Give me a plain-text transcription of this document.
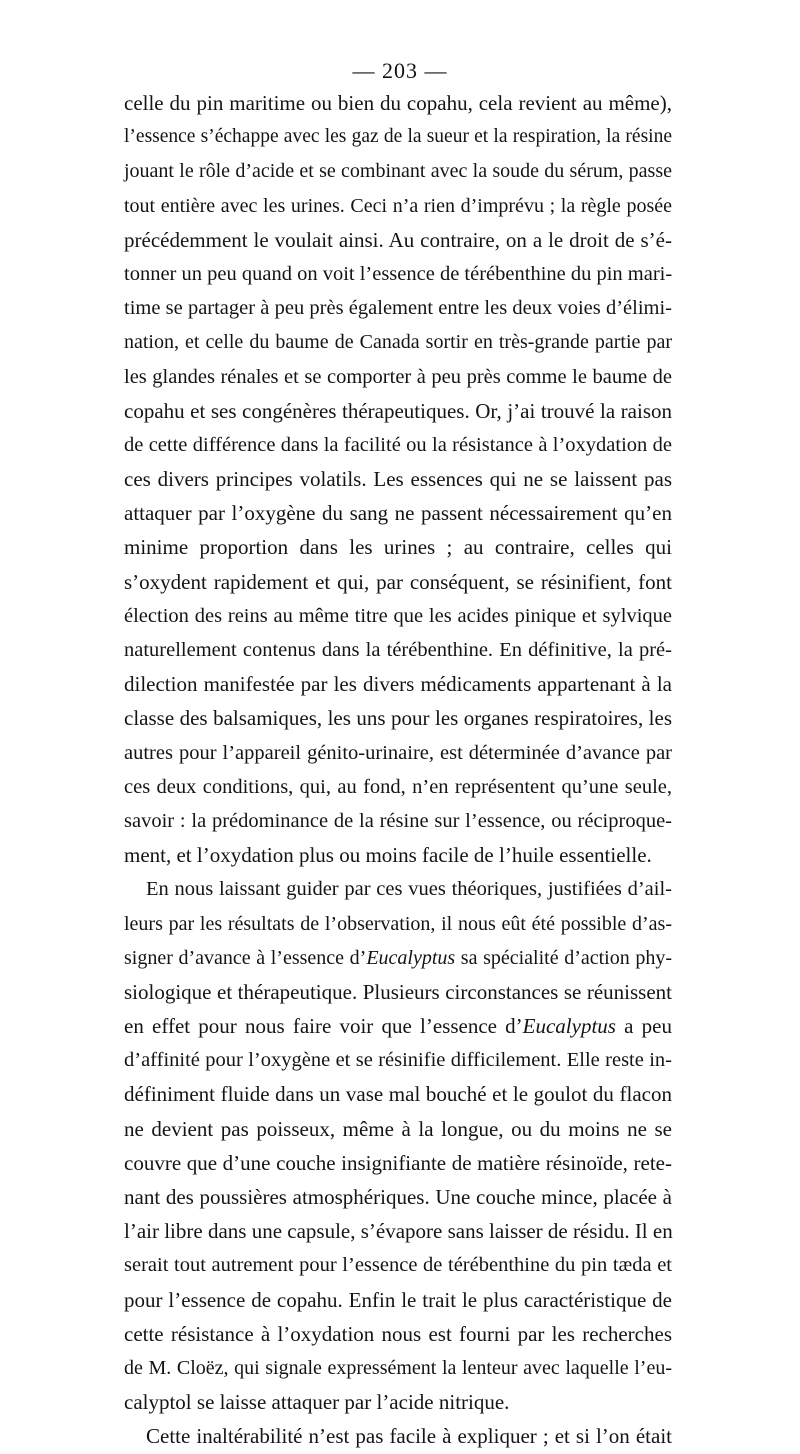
— 203 —
celle du pin maritime ou bien du copahu, cela revient au même),
l’essence s’échappe avec les gaz de la sueur et la respiration, la résine
jouant le rôle d’acide et se combinant avec la soude du sérum, passe
tout entière avec les urines. Ceci n’a rien d’imprévu ; la règle posée
précédemment le voulait ainsi. Au contraire, on a le droit de s’é-
tonner un peu quand on voit l’essence de térébenthine du pin mari-
time se partager à peu près également entre les deux voies d’élimi-
nation, et celle du baume de Canada sortir en très-grande partie par
les glandes rénales et se comporter à peu près comme le baume de
copahu et ses congénères thérapeutiques. Or, j’ai trouvé la raison
de cette différence dans la facilité ou la résistance à l’oxydation de
ces divers principes volatils. Les essences qui ne se laissent pas
attaquer par l’oxygène du sang ne passent nécessairement qu’en
minime proportion dans les urines ; au contraire, celles qui
s’oxydent rapidement et qui, par conséquent, se résinifient, font
élection des reins au même titre que les acides pinique et sylvique
naturellement contenus dans la térébenthine. En définitive, la pré-
dilection manifestée par les divers médicaments appartenant à la
classe des balsamiques, les uns pour les organes respiratoires, les
autres pour l’appareil génito-urinaire, est déterminée d’avance par
ces deux conditions, qui, au fond, n’en représentent qu’une seule,
savoir : la prédominance de la résine sur l’essence, ou réciproque-
ment, et l’oxydation plus ou moins facile de l’huile essentielle.
En nous laissant guider par ces vues théoriques, justifiées d’ail-
leurs par les résultats de l’observation, il nous eût été possible d’as-
signer d’avance à l’essence d’Eucalyptus sa spécialité d’action phy-
siologique et thérapeutique. Plusieurs circonstances se réunissent
en effet pour nous faire voir que l’essence d’Eucalyptus a peu
d’affinité pour l’oxygène et se résinifie difficilement. Elle reste in-
définiment fluide dans un vase mal bouché et le goulot du flacon
ne devient pas poisseux, même à la longue, ou du moins ne se
couvre que d’une couche insignifiante de matière résinoïde, rete-
nant des poussières atmosphériques. Une couche mince, placée à
l’air libre dans une capsule, s’évapore sans laisser de résidu. Il en
serait tout autrement pour l’essence de térébenthine du pin tæda et
pour l’essence de copahu. Enfin le trait le plus caractéristique de
cette résistance à l’oxydation nous est fourni par les recherches
de M. Cloëz, qui signale expressément la lenteur avec laquelle l’eu-
calyptol se laisse attaquer par l’acide nitrique.
Cette inaltérabilité n’est pas facile à expliquer ; et si l’on était
